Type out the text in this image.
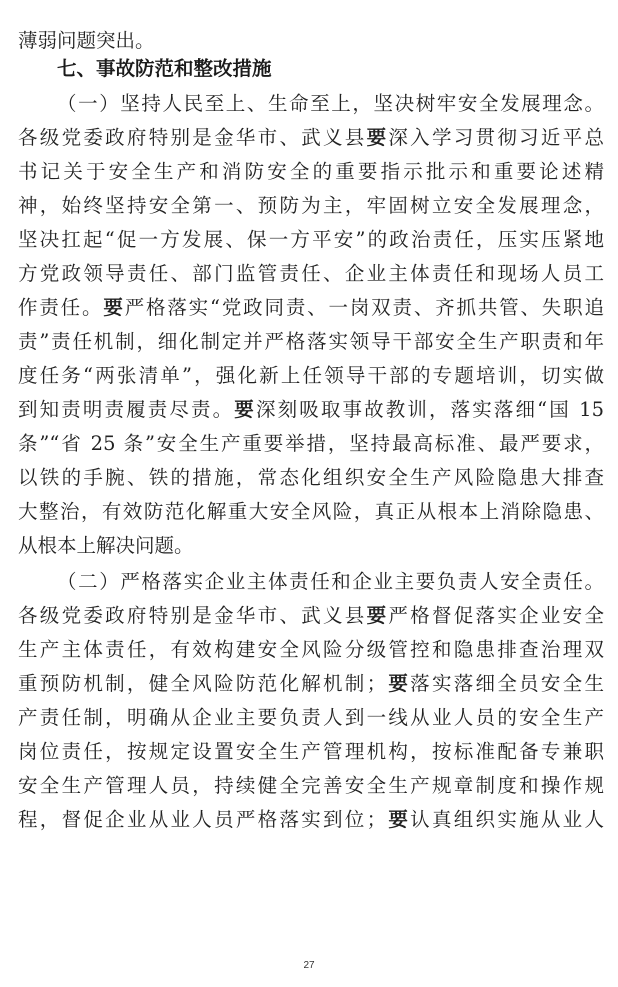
薄弱问题突出。
七、事故防范和整改措施
（一）坚持人民至上、生命至上，坚决树牢安全发展理念。
各级党委政府特别是金华市、武义县要深入学习贯彻习近平总
书记关于安全生产和消防安全的重要指示批示和重要论述精
神，始终坚持安全第一、预防为主，牢固树立安全发展理念，
坚决扛起“促一方发展、保一方平安”的政治责任，压实压紧地
方党政领导责任、部门监管责任、企业主体责任和现场人员工
作责任。要严格落实“党政同责、一岗双责、齐抓共管、失职追
责”责任机制，细化制定并严格落实领导干部安全生产职责和年
度任务“两张清单”，强化新上任领导干部的专题培训，切实做
到知责明责履责尽责。要深刻吸取事故教训，落实落细“国 15
条”“省 25 条”安全生产重要举措，坚持最高标准、最严要求，
以铁的手腕、铁的措施，常态化组织安全生产风险隐患大排查
大整治，有效防范化解重大安全风险，真正从根本上消除隐患、
从根本上解决问题。
（二）严格落实企业主体责任和企业主要负责人安全责任。
各级党委政府特别是金华市、武义县要严格督促落实企业安全
生产主体责任，有效构建安全风险分级管控和隐患排查治理双
重预防机制，健全风险防范化解机制；要落实落细全员安全生
产责任制，明确从企业主要负责人到一线从业人员的安全生产
岗位责任，按规定设置安全生产管理机构，按标准配备专兼职
安全生产管理人员，持续健全完善安全生产规章制度和操作规
程，督促企业从业人员严格落实到位；要认真组织实施从业人
27
